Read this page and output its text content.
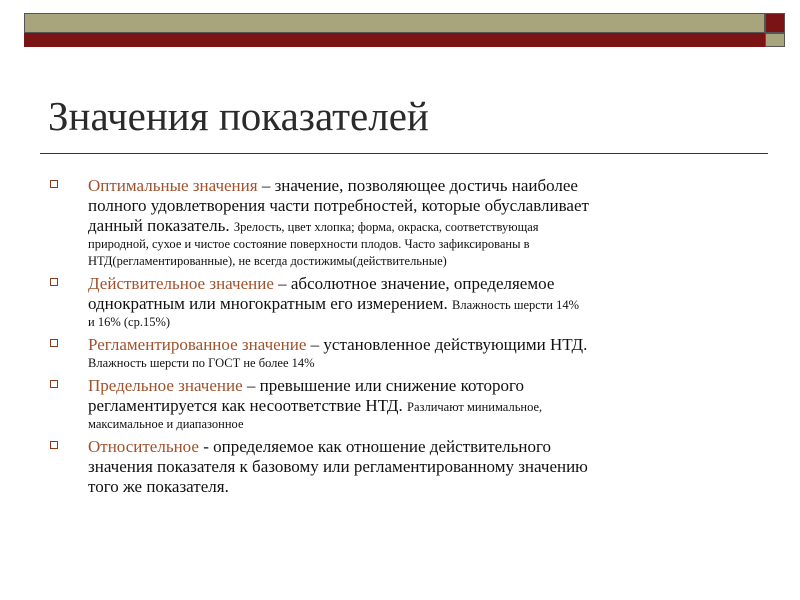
Значения показателей
Оптимальные значения – значение, позволяющее достичь наиболее
полного удовлетворения части потребностей, которые обуславливает
данный показатель. Зрелость, цвет хлопка; форма, окраска, соответствующая
природной, сухое и чистое состояние поверхности плодов. Часто зафиксированы в
НТД(регламентированные), не всегда достижимы(действительные)
Действительное значение – абсолютное значение, определяемое
однократным или многократным его измерением. Влажность шерсти 14%
и 16% (ср.15%)
Регламентированное значение – установленное действующими НТД.
Влажность шерсти по ГОСТ не более 14%
Предельное значение – превышение или снижение которого
регламентируется как несоответствие НТД. Различают минимальное,
максимальное и диапазонное
Относительное - определяемое как отношение действительного
значения показателя к базовому или регламентированному значению
того же показателя.
